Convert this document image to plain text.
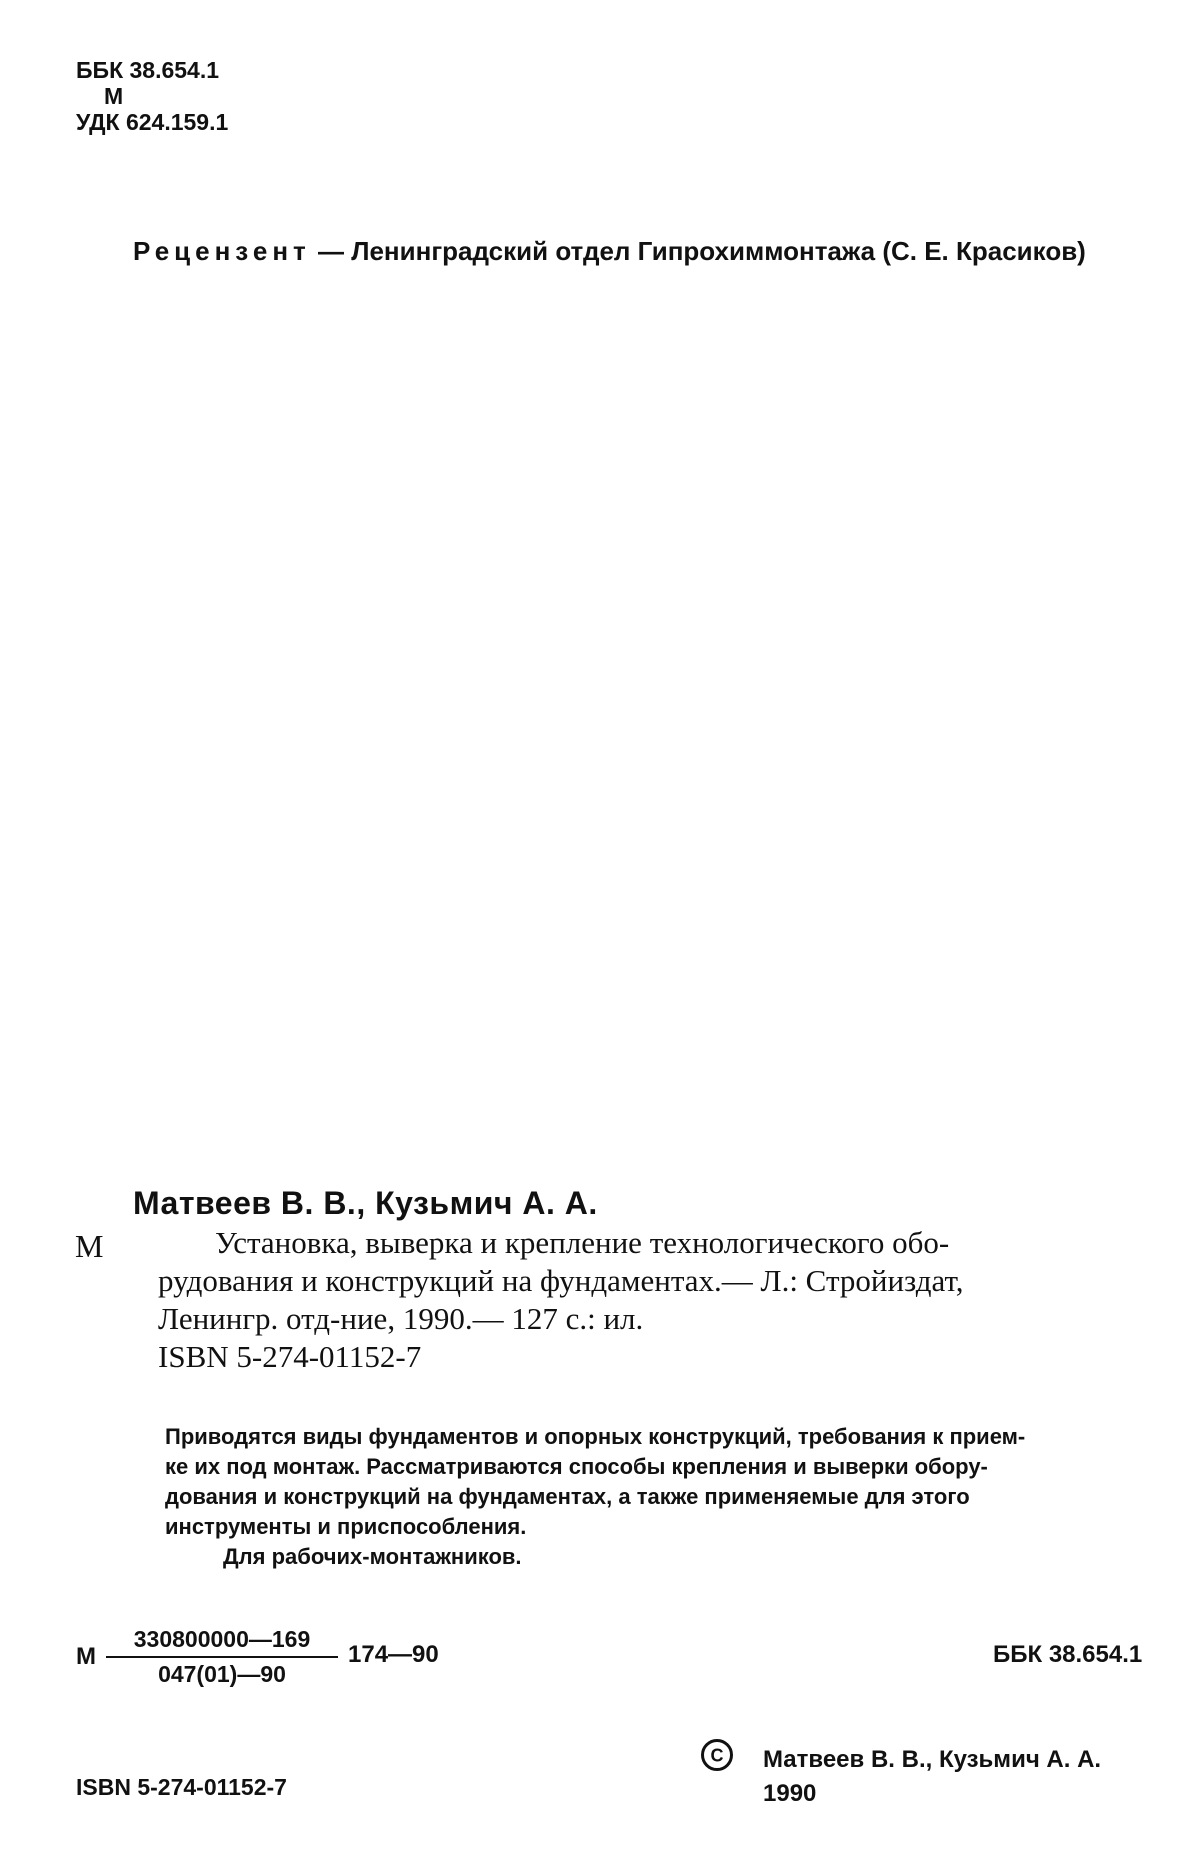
ББК 38.654.1
М
УДК 624.159.1
Рецензент — Ленинградский отдел Гипрохиммонтажа (С. Е. Красиков)
Матвеев В. В., Кузьмич А. А.
М	Установка, выверка и крепление технологического обо-
рудования и конструкций на фундаментах.— Л.: Стройиздат,
Ленингр. отд-ние, 1990.— 127 с.: ил.
ISBN 5-274-01152-7
Приводятся виды фундаментов и опорных конструкций, требования к прием-
ке их под монтаж. Рассматриваются способы крепления и выверки обору-
дования и конструкций на фундаментах, а также применяемые для этого
инструменты и приспособления.
Для рабочих-монтажников.
М
330800000—169
047(01)—90
174—90	ББК 38.654.1
ISBN 5-274-01152-7
C Матвеев В. В., Кузьмич А. А.
1990
